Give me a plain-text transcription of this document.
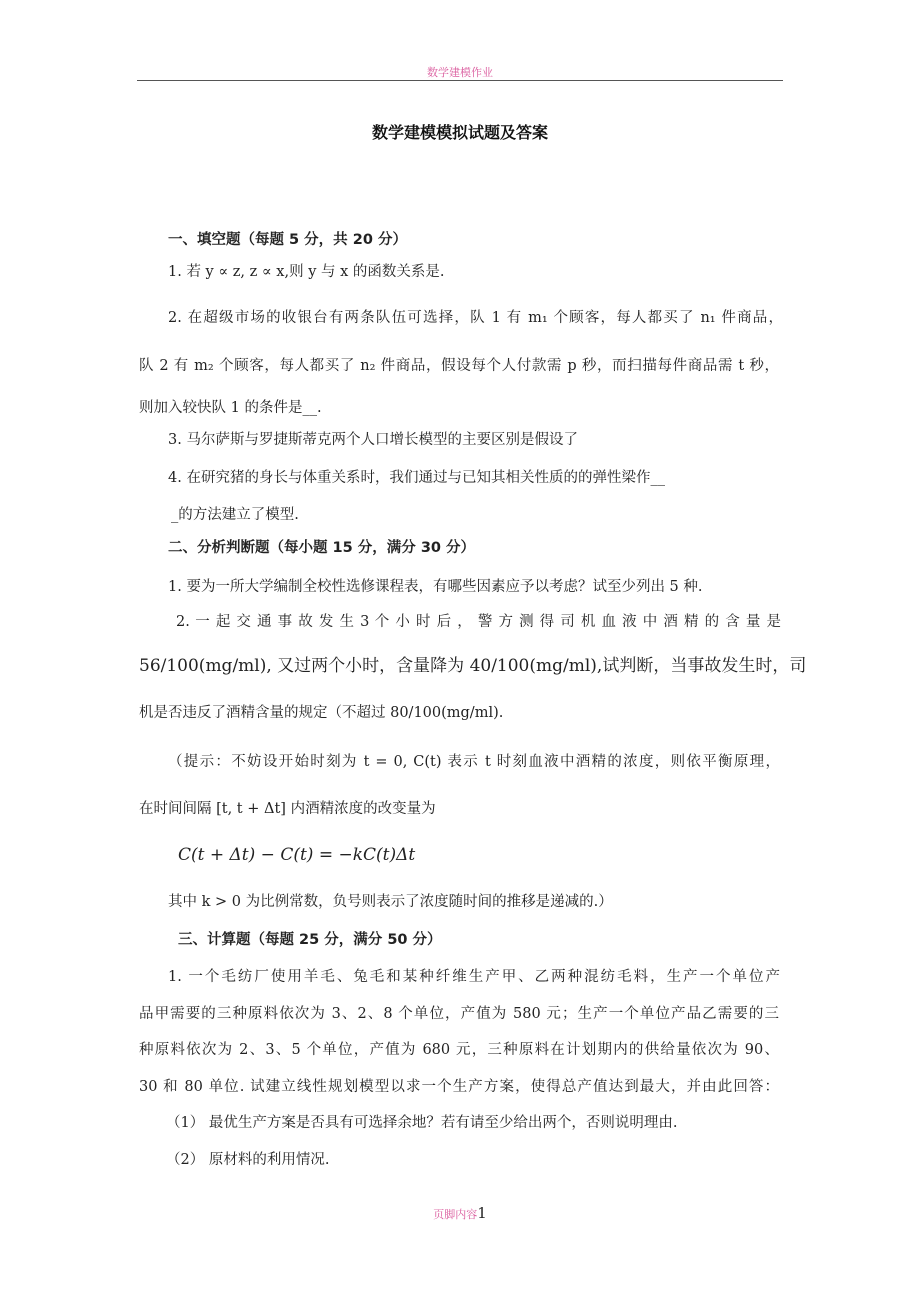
数学建模作业
数学建模模拟试题及答案
一、填空题（每题 5 分，共 20 分）
1. 若 y ∝ z, z ∝ x,则 y 与 x 的函数关系是.
2. 在超级市场的收银台有两条队伍可选择，队 1 有 m₁ 个顾客，每人都买了 n₁ 件商品，
队 2 有 m₂ 个顾客，每人都买了 n₂ 件商品，假设每个人付款需 p 秒，而扫描每件商品需 t 秒，
则加入较快队 1 的条件是__.
3. 马尔萨斯与罗捷斯蒂克两个人口增长模型的主要区别是假设了
4. 在研究猪的身长与体重关系时，我们通过与已知其相关性质的的弹性梁作__
_的方法建立了模型.
二、分析判断题（每小题 15 分，满分 30 分）
1. 要为一所大学编制全校性选修课程表，有哪些因素应予以考虑？试至少列出 5 种.
2. 一 起 交 通 事 故 发 生 3 个 小 时 后 ， 警 方 测 得 司 机 血 液 中 酒 精 的 含 量 是
56/100(mg/ml), 又过两个小时，含量降为 40/100(mg/ml),试判断，当事故发生时，司
机是否违反了酒精含量的规定（不超过 80/100(mg/ml).
（提示：不妨设开始时刻为 t = 0, C(t) 表示 t 时刻血液中酒精的浓度，则依平衡原理，
在时间间隔 [t, t + Δt] 内酒精浓度的改变量为
C(t + Δt) − C(t) = −kC(t)Δt
其中 k > 0 为比例常数，负号则表示了浓度随时间的推移是递减的.）
三、计算题（每题 25 分，满分 50 分）
1. 一个毛纺厂使用羊毛、兔毛和某种纤维生产甲、乙两种混纺毛料，生产一个单位产
品甲需要的三种原料依次为 3、2、8 个单位，产值为 580 元；生产一个单位产品乙需要的三
种原料依次为 2、3、5 个单位，产值为 680 元，三种原料在计划期内的供给量依次为 90、
30 和 80 单位. 试建立线性规划模型以求一个生产方案，使得总产值达到最大，并由此回答：
（1） 最优生产方案是否具有可选择余地？若有请至少给出两个，否则说明理由.
（2） 原材料的利用情况.
页脚内容1
